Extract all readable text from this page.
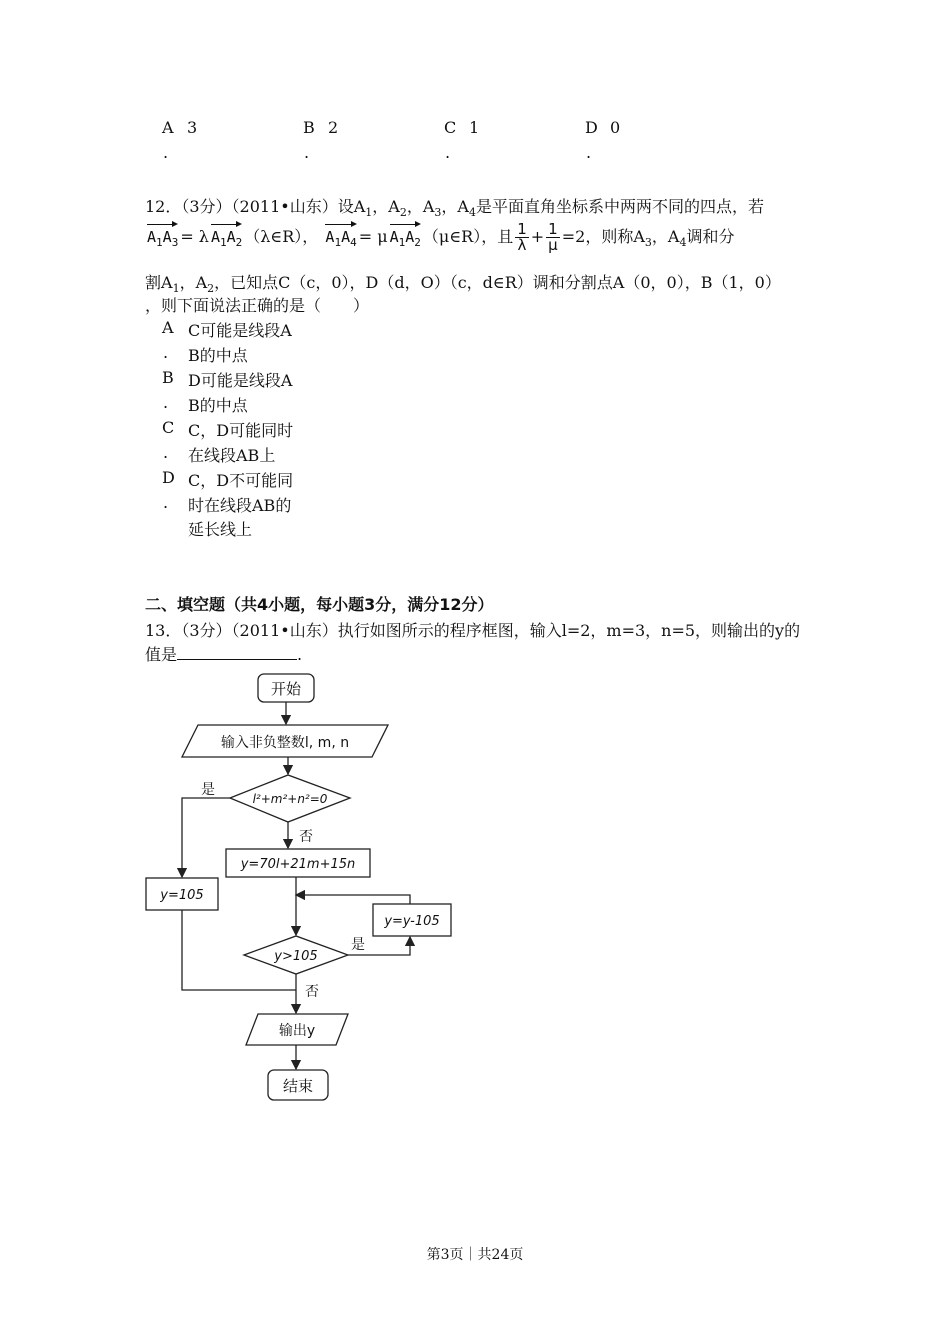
A 3
.
B 2
.
C 1
.
D 0
.
12．（3分）（2011•山东）设$A_1$，$A_2$，$A_3$，$A_4$是平面直角坐标系中两两不同的四点，若
$A_1A_3 = \lambda$ $A_1A_2$ （λ∈R）， $A_1A_4 = \mu$ $A_1A_2$ （μ∈R），且 $\frac{1}{\lambda} + \frac{1}{\mu} =2$，则称$A_3$，$A_4$调和分
割$A_1$，$A_2$，已知点C（c，0），D（d，O）（c，d∈R）调和分割点A（0，0），B（1，0）
，则下面说法正确的是（　　）
A C可能是线段A
. B的中点
B D可能是线段A
. B的中点
C C，D可能同时
. 在线段AB上
D C，D不可能同
. 时在线段AB的
延长线上
二、填空题（共4小题，每小题3分，满分12分）
13．（3分）（2011•山东）执行如图所示的程序框图，输入l=2，m=3，n=5，则输出的y的
值是	.
开始
输入非负整数l, m, n
l²+m²+n²=0
是
否
y=70l+21m+15n
y=105
y=y-105
y>105
是
否
输出y
结束
第3页｜共24页
